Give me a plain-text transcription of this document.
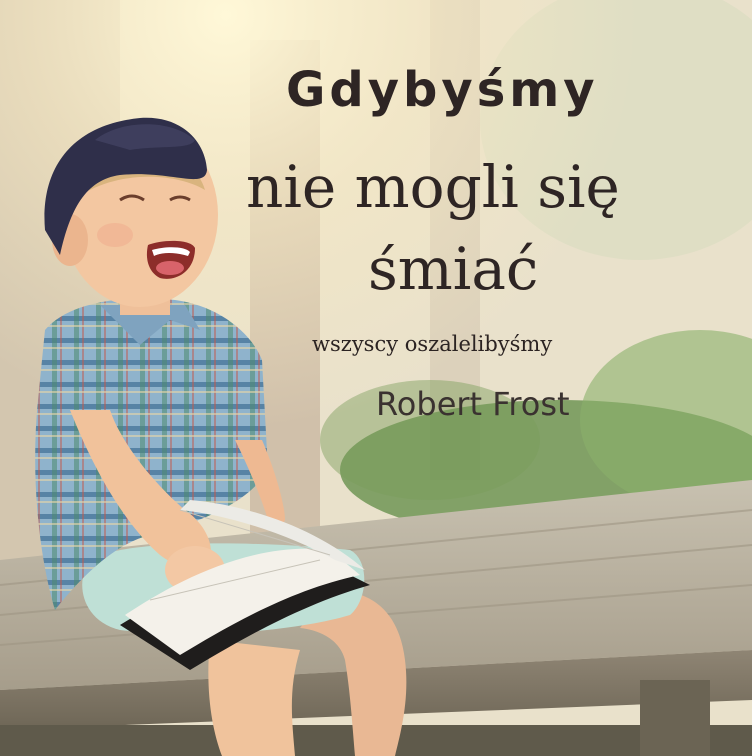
Gdybyśmy
nie mogli się
śmiać
wszyscy oszalelibyśmy
Robert Frost
